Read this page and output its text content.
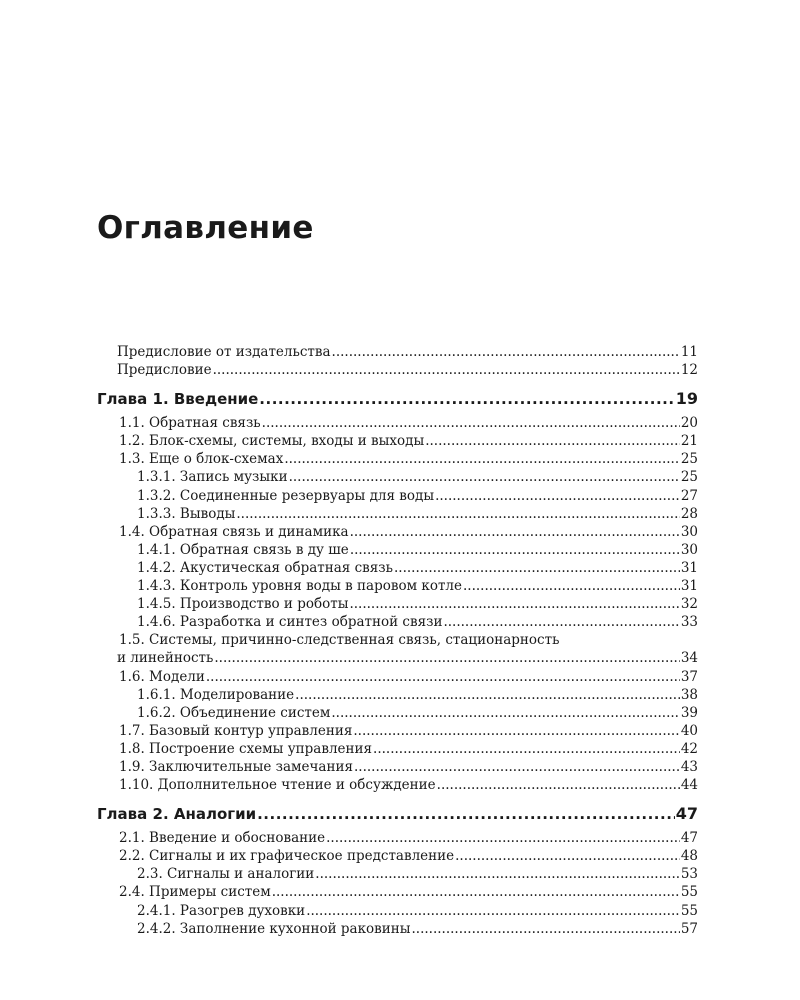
Оглавление
Предисловие от издательства .....	11
Предисловие .....	12
Глава 1. Введение .....	19
1.1. Обратная связь .....	20
1.2. Блок-схемы, системы, входы и выходы .....	21
1.3. Еще о блок-схемах .....	25
1.3.1. Запись музыки .....	25
1.3.2. Соединенные резервуары для воды .....	27
1.3.3. Выводы .....	28
1.4. Обратная связь и динамика .....	30
1.4.1. Обратная связь в ду ше .....	30
1.4.2. Акустическая обратная связь .....	31
1.4.3. Контроль уровня воды в паровом котле .....	31
1.4.5. Производство и роботы .....	32
1.4.6. Разработка и синтез обратной связи .....	33
1.5. Системы, причинно-следственная связь, стационарность
и линейность .....	34
1.6. Модели .....	37
1.6.1. Моделирование .....	38
1.6.2. Объединение систем .....	39
1.7. Базовый контур управления .....	40
1.8. Построение схемы управления .....	42
1.9. Заключительные замечания .....	43
1.10. Дополнительное чтение и обсуждение .....	44
Глава 2. Аналогии .....	47
2.1. Введение и обоснование .....	47
2.2. Сигналы и их графическое представление .....	48
2.3. Сигналы и аналогии .....	53
2.4. Примеры систем .....	55
2.4.1. Разогрев духовки .....	55
2.4.2. Заполнение кухонной раковины .....	57
